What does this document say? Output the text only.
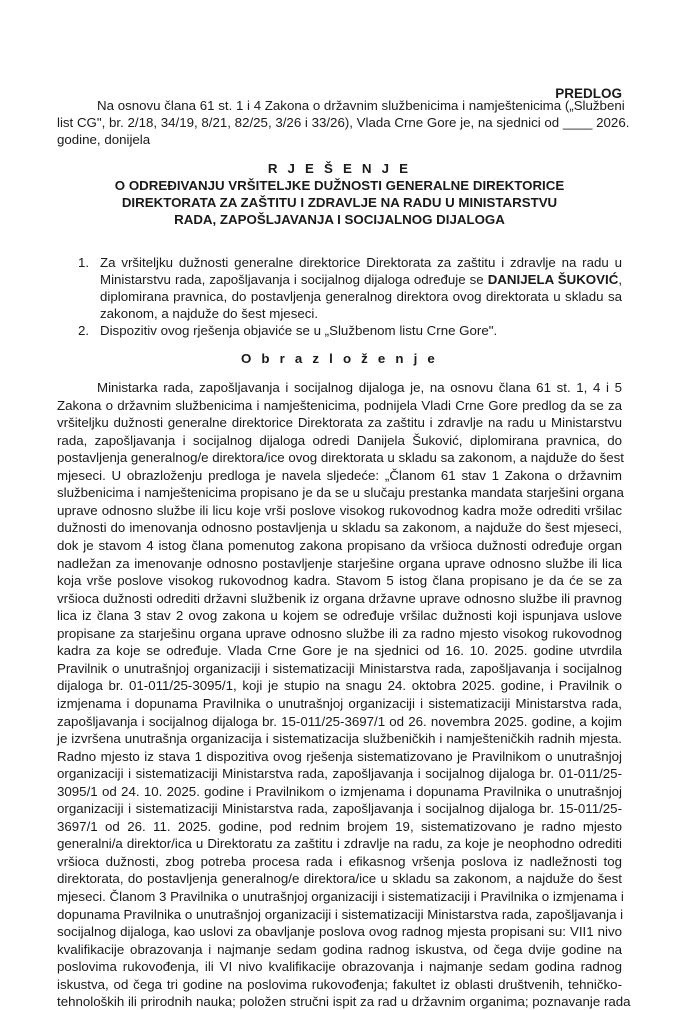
PREDLOG
Na osnovu člana 61 st. 1 i 4 Zakona o državnim službenicima i namještenicima („Službeni
list CG", br. 2/18, 34/19, 8/21, 82/25, 3/26 i 33/26), Vlada Crne Gore je, na sjednici od ____ 2026.
godine, donijela
R J E Š E N J E
O ODREĐIVANJU VRŠITELJKE DUŽNOSTI GENERALNE DIREKTORICE
DIREKTORATA ZA ZAŠTITU I ZDRAVLJE NA RADU U MINISTARSTVU
RADA, ZAPOŠLJAVANJA I SOCIJALNOG DIJALOGA
1. Za vršiteljku dužnosti generalne direktorice Direktorata za zaštitu i zdravlje na radu u
Ministarstvu rada, zapošljavanja i socijalnog dijaloga određuje se DANIJELA ŠUKOVIĆ,
diplomirana pravnica, do postavljenja generalnog direktora ovog direktorata u skladu sa
zakonom, a najduže do šest mjeseci.
2. Dispozitiv ovog rješenja objaviće se u „Službenom listu Crne Gore".
O b r a z l o ž e n j e
Ministarka rada, zapošljavanja i socijalnog dijaloga je, na osnovu člana 61 st. 1, 4 i 5
Zakona o državnim službenicima i namještenicima, podnijela Vladi Crne Gore predlog da se za
vršiteljku dužnosti generalne direktorice Direktorata za zaštitu i zdravlje na radu u Ministarstvu
rada, zapošljavanja i socijalnog dijaloga odredi Danijela Šuković, diplomirana pravnica, do
postavljenja generalnog/e direktora/ice ovog direktorata u skladu sa zakonom, a najduže do šest
mjeseci. U obrazloženju predloga je navela sljedeće: „Članom 61 stav 1 Zakona o državnim
službenicima i namještenicima propisano je da se u slučaju prestanka mandata starješini organa
uprave odnosno službe ili licu koje vrši poslove visokog rukovodnog kadra može odrediti vršilac
dužnosti do imenovanja odnosno postavljenja u skladu sa zakonom, a najduže do šest mjeseci,
dok je stavom 4 istog člana pomenutog zakona propisano da vršioca dužnosti određuje organ
nadležan za imenovanje odnosno postavljenje starješine organa uprave odnosno službe ili lica
koja vrše poslove visokog rukovodnog kadra. Stavom 5 istog člana propisano je da će se za
vršioca dužnosti odrediti državni službenik iz organa državne uprave odnosno službe ili pravnog
lica iz člana 3 stav 2 ovog zakona u kojem se određuje vršilac dužnosti koji ispunjava uslove
propisane za starješinu organa uprave odnosno službe ili za radno mjesto visokog rukovodnog
kadra za koje se određuje. Vlada Crne Gore je na sjednici od 16. 10. 2025. godine utvrdila
Pravilnik o unutrašnjoj organizaciji i sistematizaciji Ministarstva rada, zapošljavanja i socijalnog
dijaloga br. 01-011/25-3095/1, koji je stupio na snagu 24. oktobra 2025. godine, i Pravilnik o
izmjenama i dopunama Pravilnika o unutrašnjoj organizaciji i sistematizaciji Ministarstva rada,
zapošljavanja i socijalnog dijaloga br. 15-011/25-3697/1 od 26. novembra 2025. godine, a kojim
je izvršena unutrašnja organizacija i sistematizacija službeničkih i namješteničkih radnih mjesta.
Radno mjesto iz stava 1 dispozitiva ovog rješenja sistematizovano je Pravilnikom o unutrašnjoj
organizaciji i sistematizaciji Ministarstva rada, zapošljavanja i socijalnog dijaloga br. 01-011/25-
3095/1 od 24. 10. 2025. godine i Pravilnikom o izmjenama i dopunama Pravilnika o unutrašnjoj
organizaciji i sistematizaciji Ministarstva rada, zapošljavanja i socijalnog dijaloga br. 15-011/25-
3697/1 od 26. 11. 2025. godine, pod rednim brojem 19, sistematizovano je radno mjesto
generalni/a direktor/ica u Direktoratu za zaštitu i zdravlje na radu, za koje je neophodno odrediti
vršioca dužnosti, zbog potreba procesa rada i efikasnog vršenja poslova iz nadležnosti tog
direktorata, do postavljenja generalnog/e direktora/ice u skladu sa zakonom, a najduže do šest
mjeseci. Članom 3 Pravilnika o unutrašnjoj organizaciji i sistematizaciji i Pravilnika o izmjenama i
dopunama Pravilnika o unutrašnjoj organizaciji i sistematizaciji Ministarstva rada, zapošljavanja i
socijalnog dijaloga, kao uslovi za obavljanje poslova ovog radnog mjesta propisani su: VII1 nivo
kvalifikacije obrazovanja i najmanje sedam godina radnog iskustva, od čega dvije godine na
poslovima rukovođenja, ili VI nivo kvalifikacije obrazovanja i najmanje sedam godina radnog
iskustva, od čega tri godine na poslovima rukovođenja; fakultet iz oblasti društvenih, tehničko-
tehnoloških ili prirodnih nauka; položen stručni ispit za rad u državnim organima; poznavanje rada
